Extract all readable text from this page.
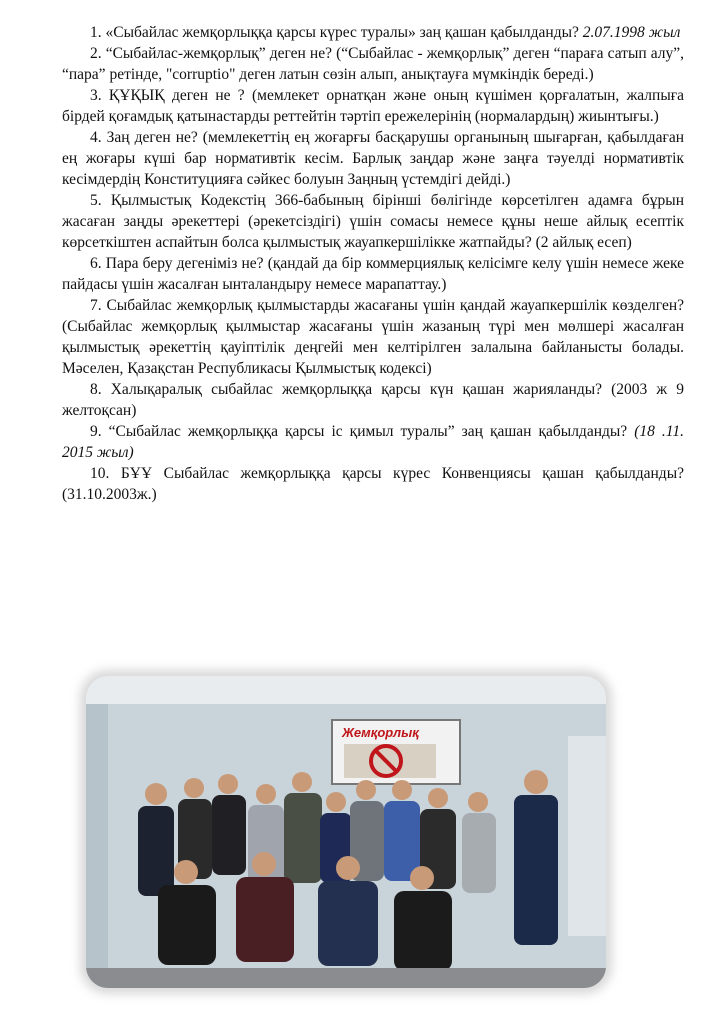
1. «Сыбайлас жемқорлыққа қарсы күрес туралы» заң қашан қабылданды? 2.07.1998 жыл

2. “Сыбайлас-жемқорлық” деген не? (“Сыбайлас - жемқорлық” деген “параға сатып алу”, “пара” ретінде, "corruptio" деген латын сөзін алып, анықтауға мүмкіндік береді.)

3. ҚҰҚЫҚ деген не ? (мемлекет орнатқан және оның күшімен қорғалатын, жалпыға бірдей қоғамдық қатынастарды реттейтін тәртіп ережелерінің (нормалардың) жиынтығы.)

4. Заң деген не? (мемлекеттің ең жоғарғы басқарушы органының шығарған, қабылдаған ең жоғары күші бар нормативтік кесім. Барлық заңдар және заңға тәуелді нормативтік кесімдердің Конституцияға сәйкес болуын Заңның үстемдігі дейді.)

5. Қылмыстық Кодекстің 366-бабының бірінші бөлігінде көрсетілген адамға бұрын жасаған заңды әрекеттері (әрекетсіздігі) үшін сомасы немесе құны неше айлық есептік көрсеткіштен аспайтын болса қылмыстық жауапкершілікке жатпайды? (2 айлық есеп)

6. Пара беру дегеніміз не? (қандай да бір коммерциялық келісімге келу үшін немесе жеке пайдасы үшін жасалған ынталандыру немесе марапаттау.)

7. Сыбайлас жемқорлық қылмыстарды жасағаны үшін қандай жауапкершілік көзделген? (Сыбайлас жемқорлық қылмыстар жасағаны үшін жазаның түрі мен мөлшері жасалған қылмыстық әрекеттің қауіптілік деңгейі мен келтірілген залалына байланысты болады. Мәселен, Қазақстан Республикасы Қылмыстық кодексі)

8. Халықаралық сыбайлас жемқорлыққа қарсы күн қашан жарияланды? (2003 ж 9 желтоқсан)

9. “Сыбайлас жемқорлыққа қарсы іс қимыл туралы” заң қашан қабылданды? (18 .11. 2015 жыл)

10. БҰҰ Сыбайлас жемқорлыққа қарсы күрес Конвенциясы қашан қабылданды? (31.10.2003ж.)

Жемқорлық
